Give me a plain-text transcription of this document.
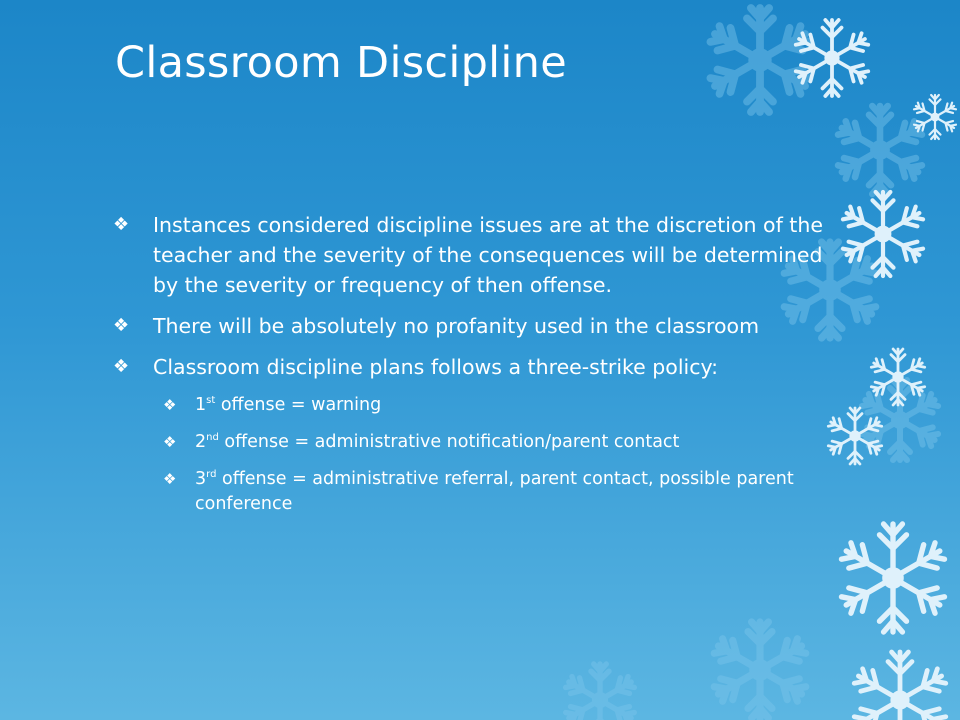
Classroom Discipline
❖ Instances considered discipline issues are at the discretion of the teacher and the severity of the consequences will be determined by the severity or frequency of then offense.
❖ There will be absolutely no profanity used in the classroom
❖ Classroom discipline plans follows a three-strike policy:
❖ 1st offense = warning
❖ 2nd offense = administrative notification/parent contact
❖ 3rd offense = administrative referral, parent contact, possible parent conference
